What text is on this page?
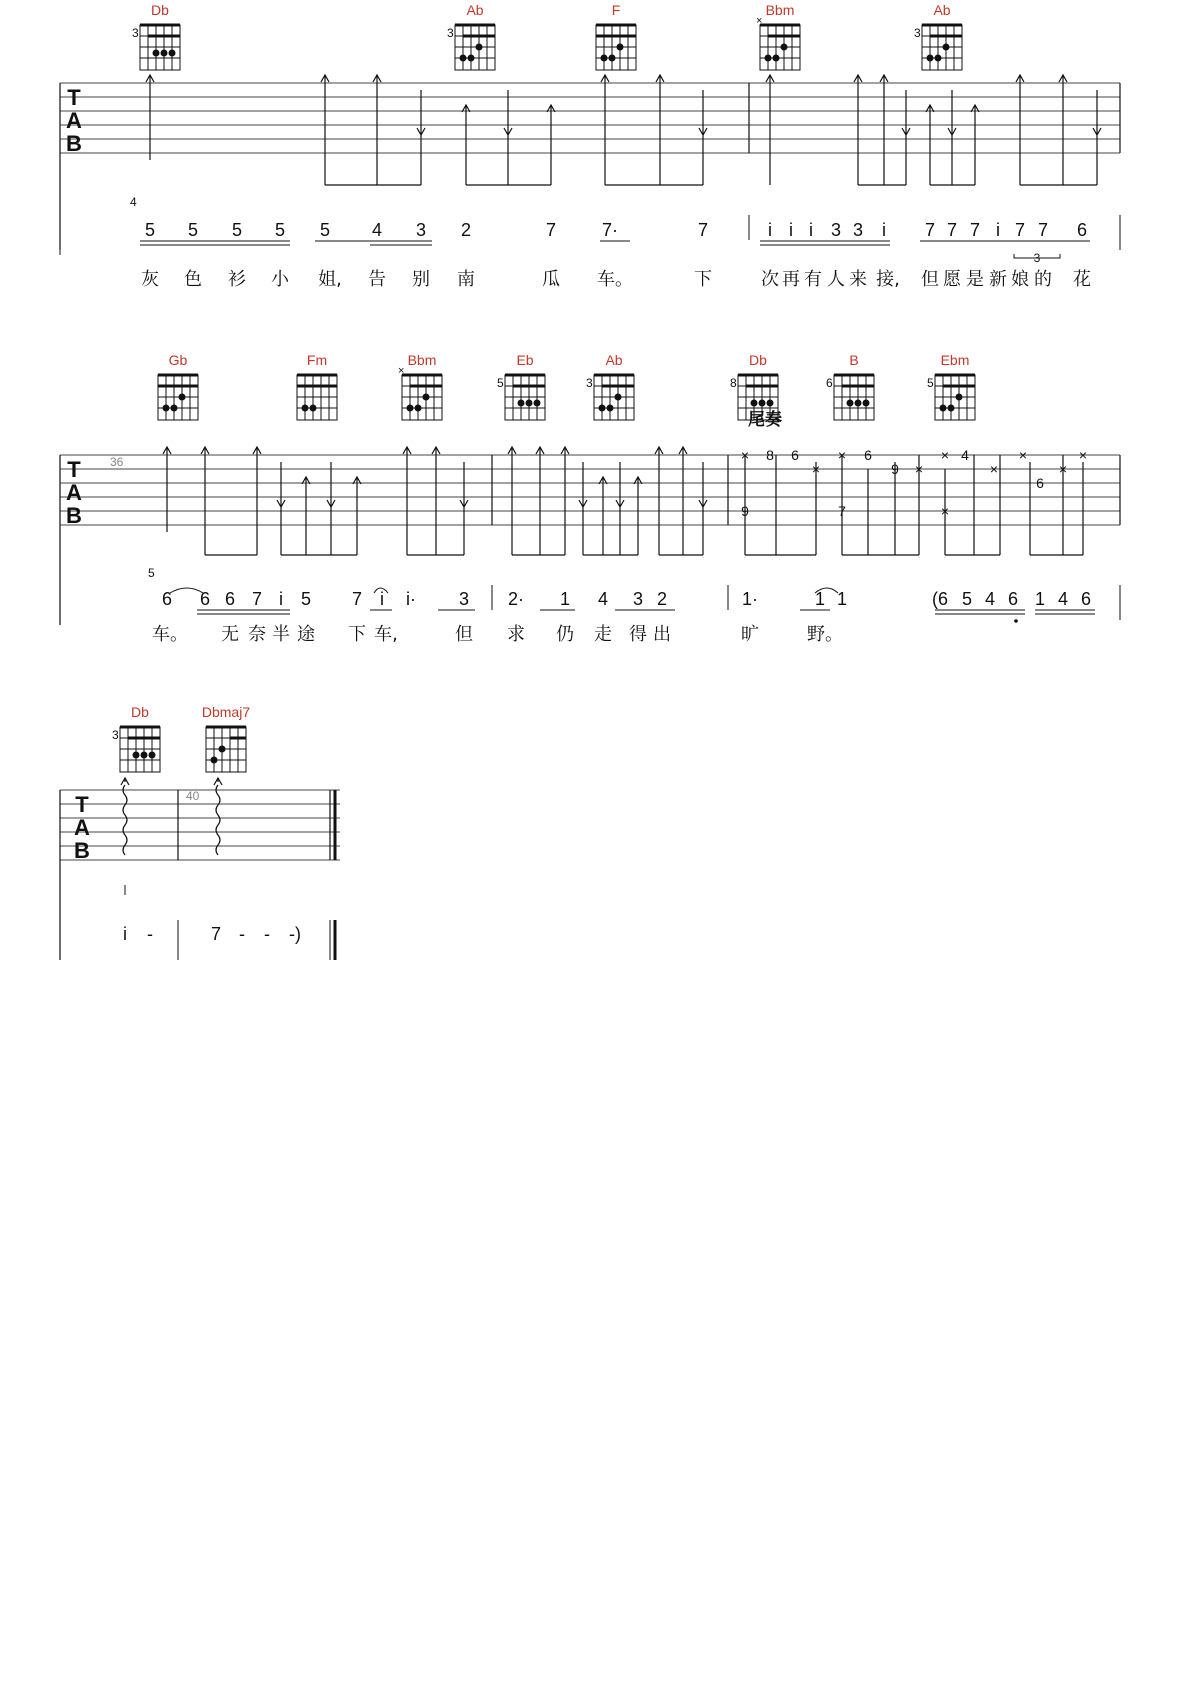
Db
3
Ab
3
F	Bbm
×
Ab
3
T
A
B
4
5 5 5 5 5 4 3 2	7	7·	7	i i i 3 3 i 7 7 7 i 7 7 6
3
灰 色 衫 小 姐, 告 别 南	瓜 车。	下	次 再 有 人 来 接, 但 愿 是 新 娘 的 花
Gb	Fm	Bbm
×
Eb
5
Ab
3
Db
8
B
6
Ebm
5
尾奏
36
T
A
B
×
×
×
×
×
×
×
×
×
×
8 6	6
9
9	7
4
6
5
6 6 6 7 i 5 7 i i· 3 2· 1 4 3 2	1·	1 1	(6 5 4 6 1 4 6
车。 无 奈 半 途 下 车,	但 求 仍 走 得 出	旷	野。
Db
3
Dbmaj7
40
T
A
B
i -	7 - - -)
